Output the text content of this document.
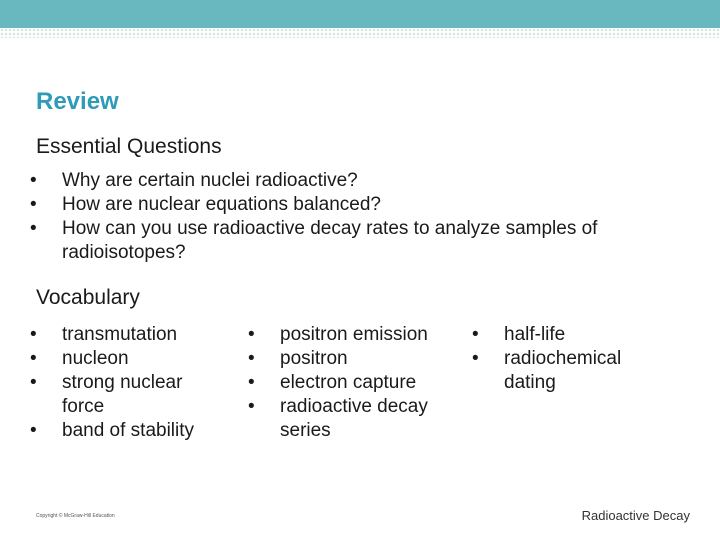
Review
Essential Questions
• Why are certain nuclei radioactive?
• How are nuclear equations balanced?
• How can you use radioactive decay rates to analyze samples of radioisotopes?
Vocabulary
• transmutation
• nucleon
• strong nuclear force
• band of stability
• positron emission
• positron
• electron capture
• radioactive decay series
• half-life
• radiochemical dating
Copyright © McGraw-Hill Education	Radioactive Decay
